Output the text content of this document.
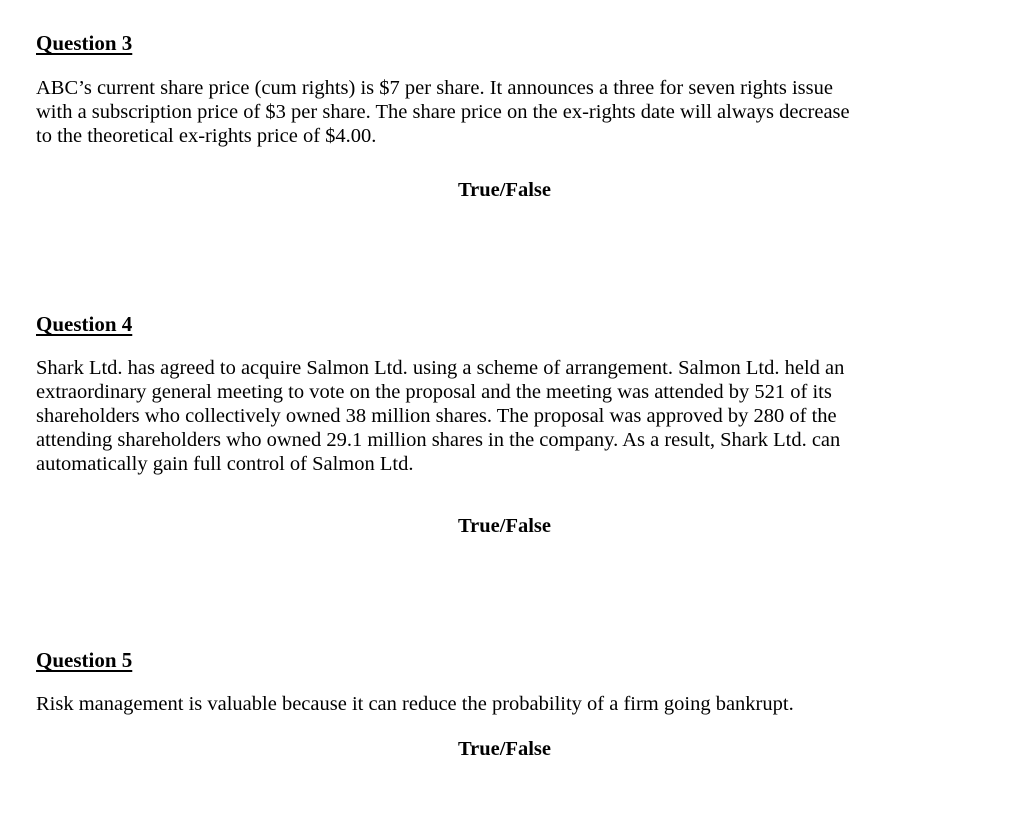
Question 3

ABC’s current share price (cum rights) is $7 per share. It announces a three for seven rights issue
with a subscription price of $3 per share. The share price on the ex-rights date will always decrease
to the theoretical ex-rights price of $4.00.

True/False

Question 4

Shark Ltd. has agreed to acquire Salmon Ltd. using a scheme of arrangement. Salmon Ltd. held an
extraordinary general meeting to vote on the proposal and the meeting was attended by 521 of its
shareholders who collectively owned 38 million shares. The proposal was approved by 280 of the
attending shareholders who owned 29.1 million shares in the company. As a result, Shark Ltd. can
automatically gain full control of Salmon Ltd.

True/False

Question 5

Risk management is valuable because it can reduce the probability of a firm going bankrupt.

True/False
